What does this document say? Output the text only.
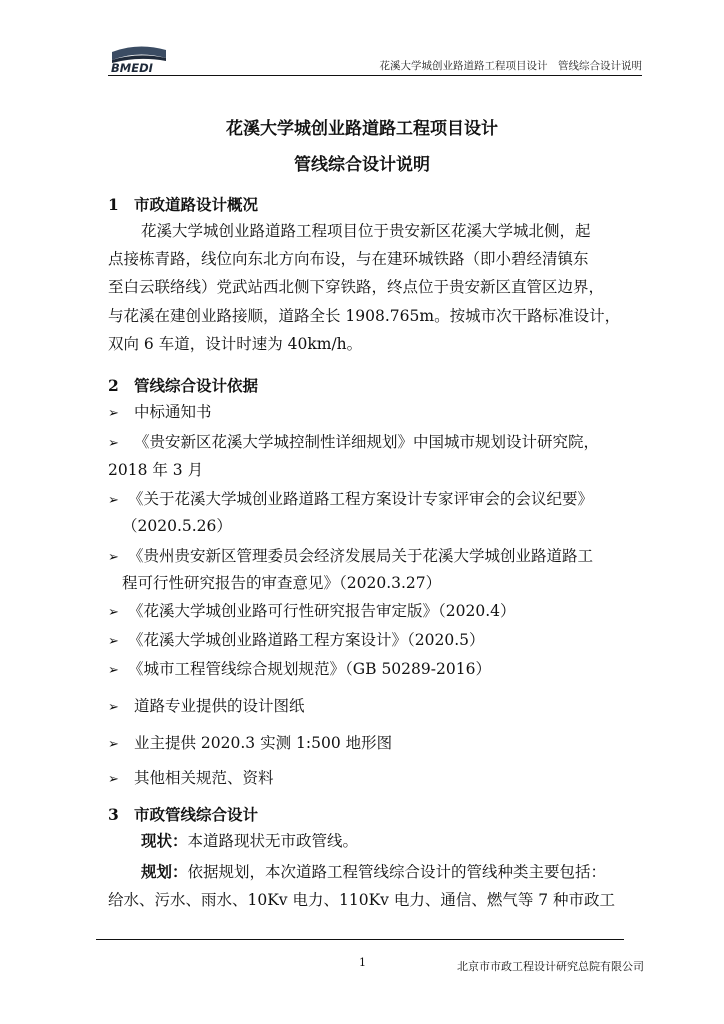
BMEDI	花溪大学城创业路道路工程项目设计　管线综合设计说明
花溪大学城创业路道路工程项目设计
管线综合设计说明
1 市政道路设计概况
花溪大学城创业路道路工程项目位于贵安新区花溪大学城北侧，起
点接栋青路，线位向东北方向布设，与在建环城铁路（即小碧经清镇东
至白云联络线）党武站西北侧下穿铁路，终点位于贵安新区直管区边界，
与花溪在建创业路接顺，道路全长 1908.765m。按城市次干路标准设计，
双向 6 车道，设计时速为 40km/h。
2 管线综合设计依据
➢ 中标通知书
➢ 《贵安新区花溪大学城控制性详细规划》中国城市规划设计研究院，
2018 年 3 月
➢ 《关于花溪大学城创业路道路工程方案设计专家评审会的会议纪要》
（2020.5.26）
➢ 《贵州贵安新区管理委员会经济发展局关于花溪大学城创业路道路工
程可行性研究报告的审查意见》（2020.3.27）
➢ 《花溪大学城创业路可行性研究报告审定版》（2020.4）
➢ 《花溪大学城创业路道路工程方案设计》（2020.5）
➢ 《城市工程管线综合规划规范》（GB 50289-2016）
➢ 道路专业提供的设计图纸
➢ 业主提供 2020.3 实测 1:500 地形图
➢ 其他相关规范、资料
3 市政管线综合设计
现状：本道路现状无市政管线。
规划：依据规划，本次道路工程管线综合设计的管线种类主要包括：
给水、污水、雨水、10Kv 电力、110Kv 电力、通信、燃气等 7 种市政工
1	北京市市政工程设计研究总院有限公司
